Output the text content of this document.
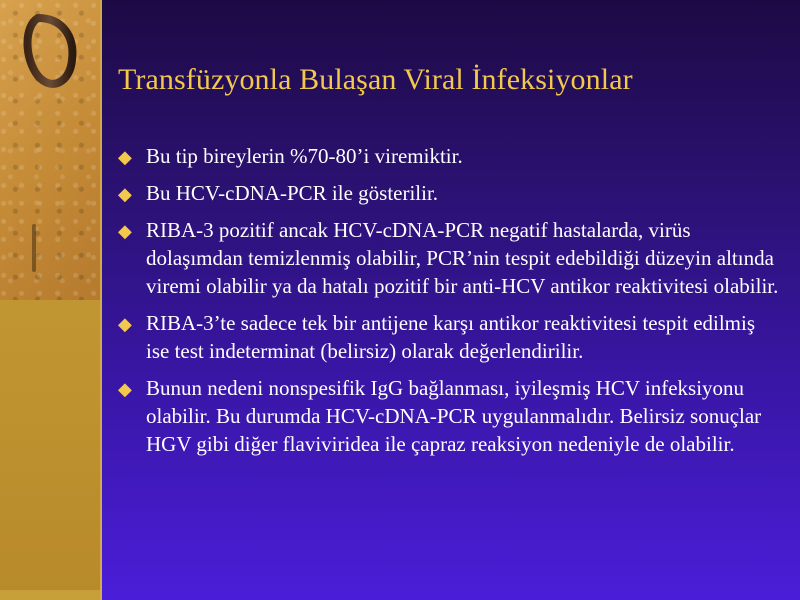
Transfüzyonla Bulaşan Viral İnfeksiyonlar
◆ Bu tip bireylerin %70-80’i viremiktir.
◆ Bu HCV-cDNA-PCR ile gösterilir.
◆ RIBA-3 pozitif ancak HCV-cDNA-PCR negatif hastalarda, virüs dolaşımdan temizlenmiş olabilir, PCR’nin tespit edebildiği düzeyin altında viremi olabilir ya da hatalı pozitif bir anti-HCV antikor reaktivitesi olabilir.
◆ RIBA-3’te sadece tek bir antijene karşı antikor reaktivitesi tespit edilmiş ise test indeterminat (belirsiz) olarak değerlendirilir.
◆ Bunun nedeni nonspesifik IgG bağlanması, iyileşmiş HCV infeksiyonu olabilir. Bu durumda HCV-cDNA-PCR uygulanmalıdır. Belirsiz sonuçlar HGV gibi diğer flaviviridea ile çapraz reaksiyon nedeniyle de olabilir.
